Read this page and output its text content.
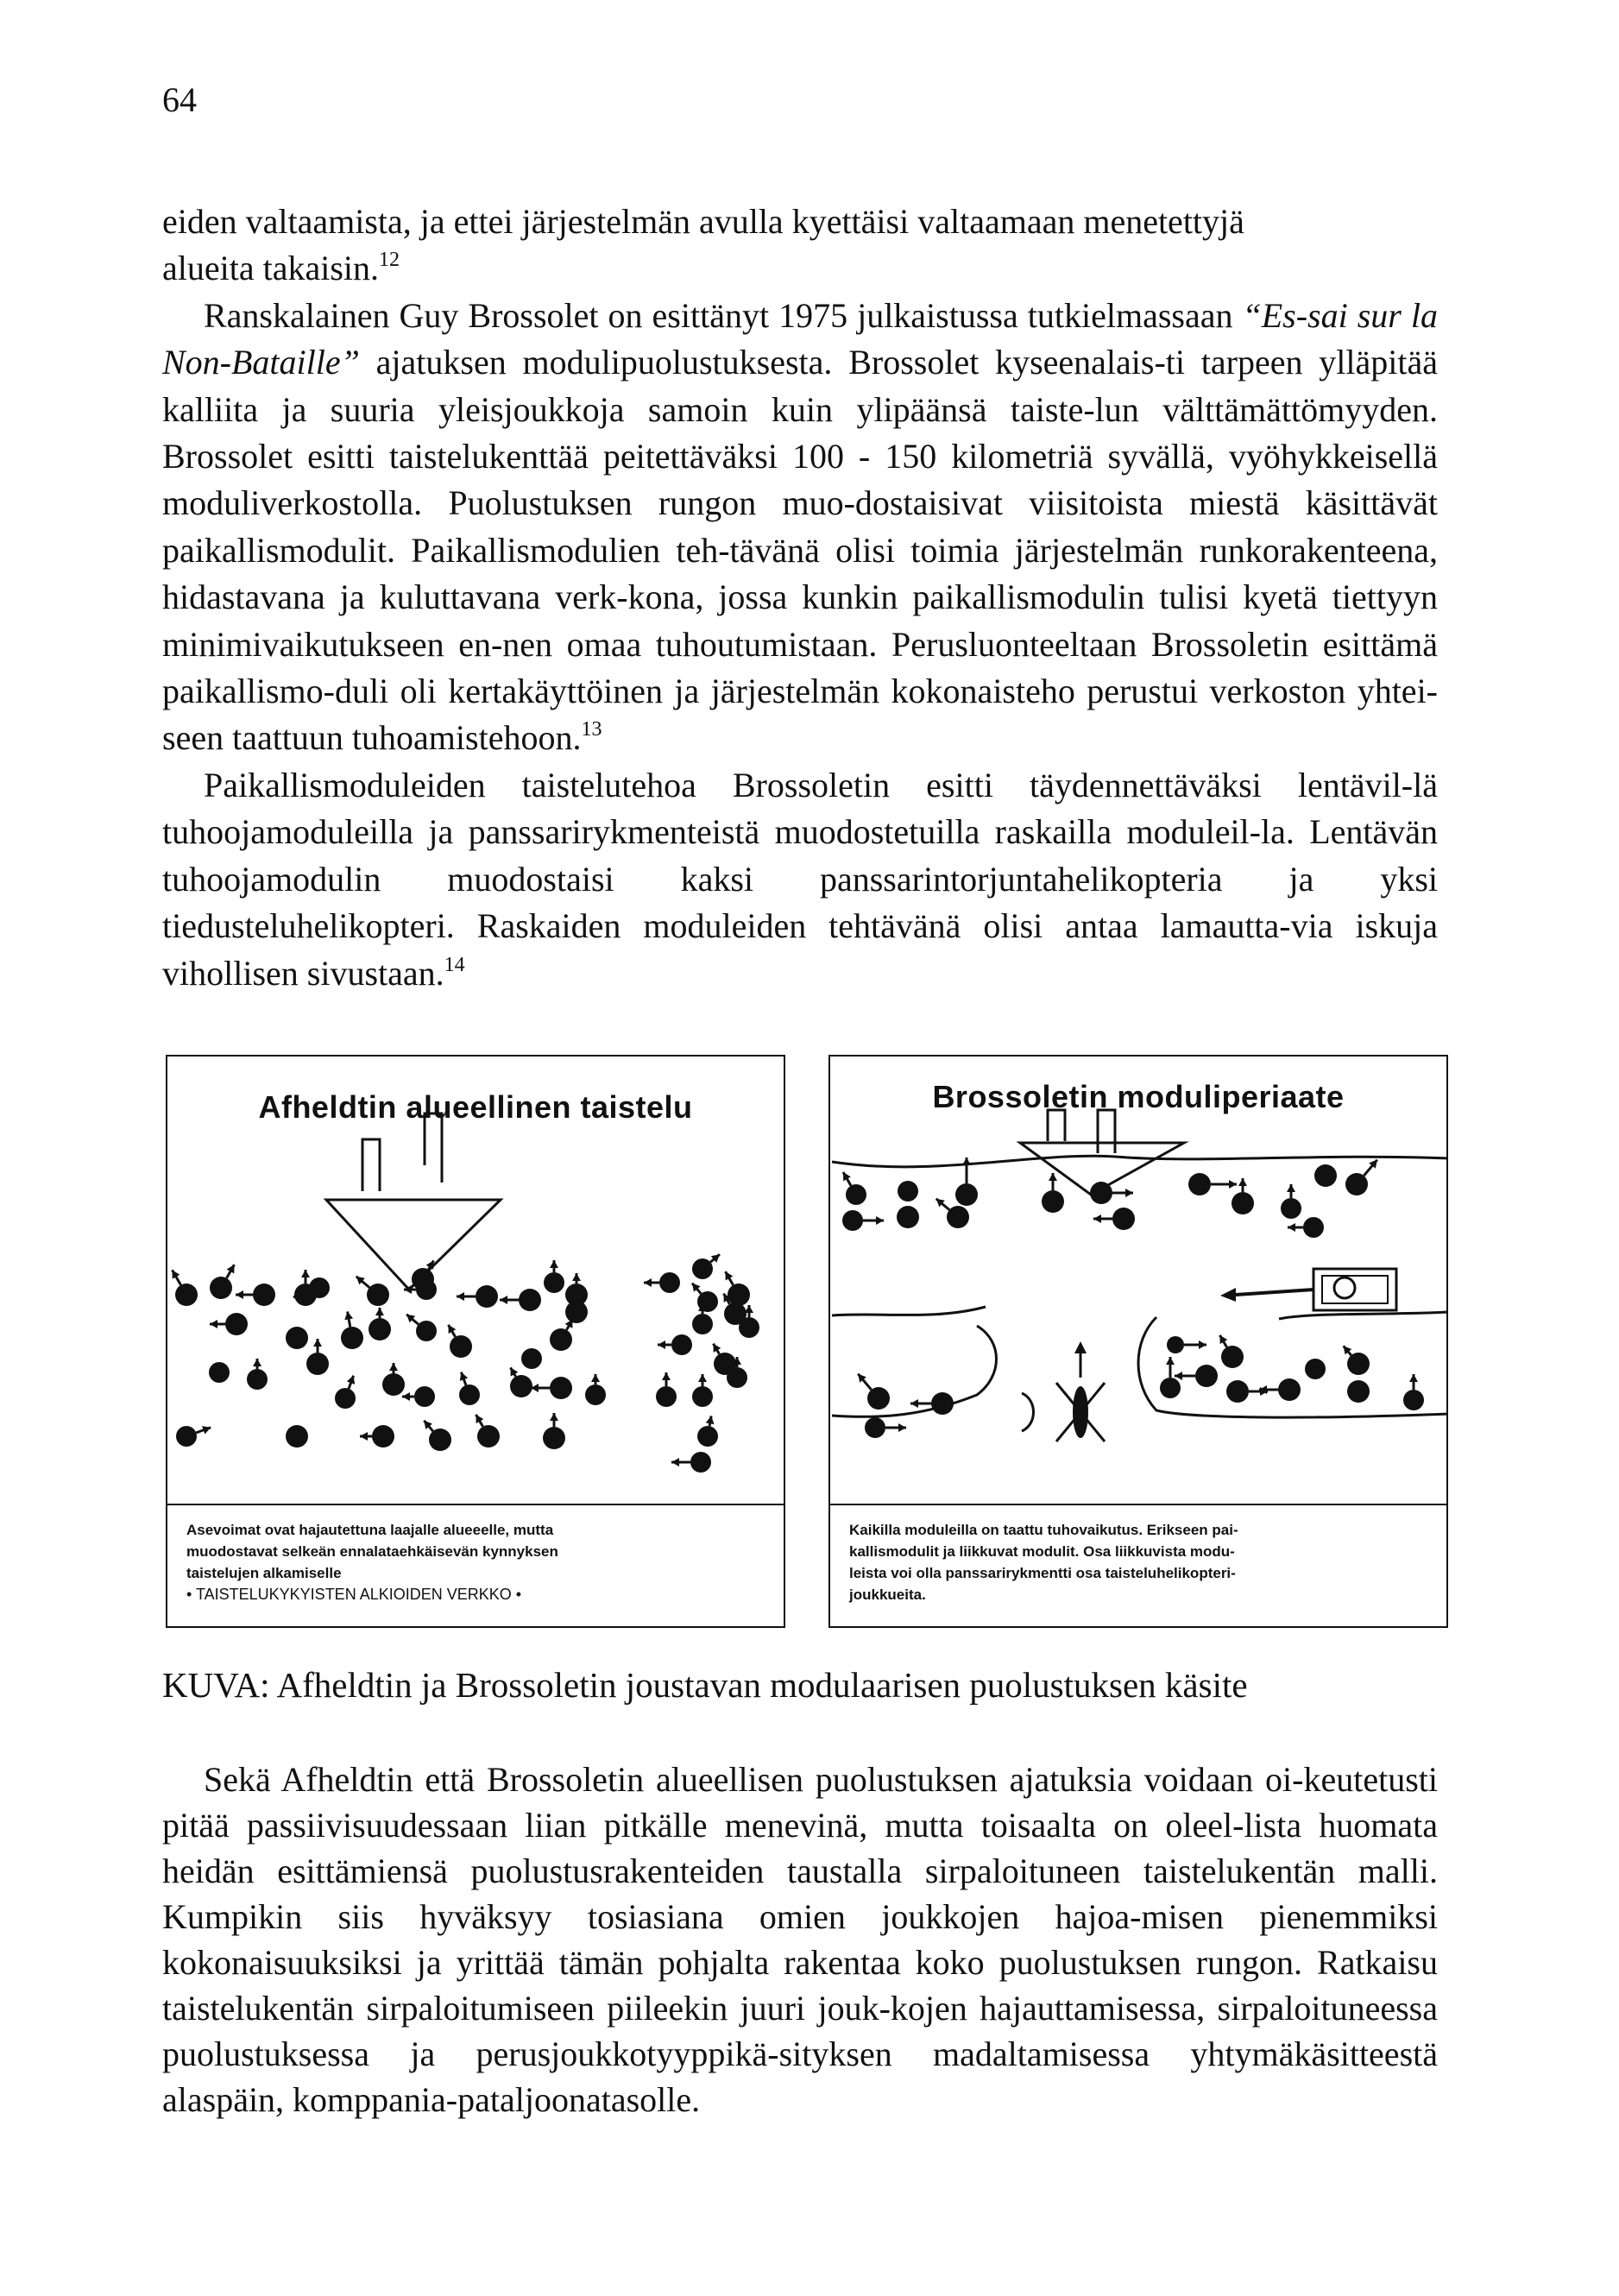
64

eiden valtaamista, ja ettei järjestelmän avulla kyettäisi valtaamaan menetettyjä
alueita takaisin.$^{12}$

Ranskalainen Guy Brossolet on esittänyt 1975 julkaistussa tutkielmassaan “Es-sai sur la Non-Bataille” ajatuksen modulipuolustuksesta. Brossolet kyseenalais-ti tarpeen ylläpitää kalliita ja suuria yleisjoukkoja samoin kuin ylipäänsä taiste-lun välttämättömyyden. Brossolet esitti taistelukenttää peitettäväksi 100 - 150 kilometriä syvällä, vyöhykkeisellä moduliverkostolla. Puolustuksen rungon muo-dostaisivat viisitoista miestä käsittävät paikallismodulit. Paikallismodulien teh-tävänä olisi toimia järjestelmän runkorakenteena, hidastavana ja kuluttavana verk-kona, jossa kunkin paikallismodulin tulisi kyetä tiettyyn minimivaikutukseen en-nen omaa tuhoutumistaan. Perusluonteeltaan Brossoletin esittämä paikallismo-duli oli kertakäyttöinen ja järjestelmän kokonaisteho perustui verkoston yhtei-seen taattuun tuhoamistehoon.$^{13}$

Paikallismoduleiden taistelutehoa Brossoletin esitti täydennettäväksi lentävil-lä tuhoojamoduleilla ja panssarirykmenteistä muodostetuilla raskailla moduleil-la. Lentävän tuhoojamodulin muodostaisi kaksi panssarintorjuntahelikopteria ja yksi tiedusteluhelikopteri. Raskaiden moduleiden tehtävänä olisi antaa lamautta-via iskuja vihollisen sivustaan.$^{14}$

Afheldtin alueellinen taistelu
Asevoimat ovat hajautettuna laajalle alueeelle, mutta
muodostavat selkeän ennalataehkäisevän kynnyksen
taistelujen alkamiselle
• TAISTELUKYKYISTEN ALKIOIDEN VERKKO •
Brossoletin moduliperiaate
Kaikilla moduleilla on taattu tuhovaikutus. Erikseen pai-
kallismodulit ja liikkuvat modulit. Osa liikkuvista modu-
leista voi olla panssarirykmentti osa taisteluhelikopteri-
joukkueita.
KUVA: Afheldtin ja Brossoletin joustavan modulaarisen puolustuksen käsite

Sekä Afheldtin että Brossoletin alueellisen puolustuksen ajatuksia voidaan oi-keutetusti pitää passiivisuudessaan liian pitkälle menevinä, mutta toisaalta on oleel-lista huomata heidän esittämiensä puolustusrakenteiden taustalla sirpaloituneen taistelukentän malli. Kumpikin siis hyväksyy tosiasiana omien joukkojen hajoa-misen pienemmiksi kokonaisuuksiksi ja yrittää tämän pohjalta rakentaa koko puolustuksen rungon. Ratkaisu taistelukentän sirpaloitumiseen piileekin juuri jouk-kojen hajauttamisessa, sirpaloituneessa puolustuksessa ja perusjoukkotyyppikä-sityksen madaltamisessa yhtymäkäsitteestä alaspäin, komppania-pataljoonatasolle.
